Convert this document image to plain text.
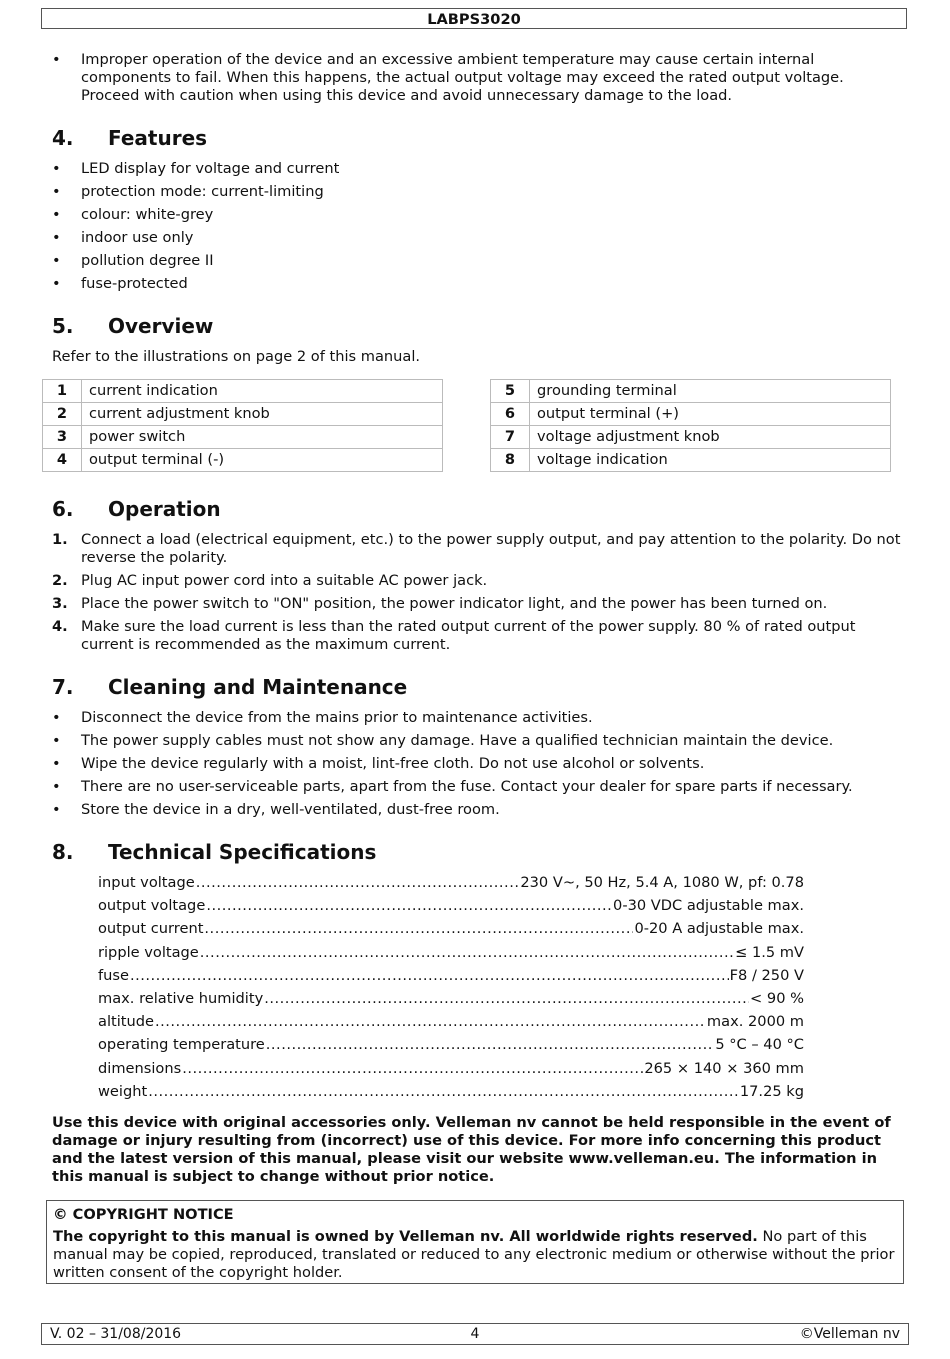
LABPS3020
• Improper operation of the device and an excessive ambient temperature may cause certain internal components to fail. When this happens, the actual output voltage may exceed the rated output voltage. Proceed with caution when using this device and avoid unnecessary damage to the load.
4. Features
• LED display for voltage and current
• protection mode: current-limiting
• colour: white-grey
• indoor use only
• pollution degree II
• fuse-protected
5. Overview

Refer to the illustrations on page 2 of this manual.

1	current indication
2	current adjustment knob
3	power switch
4	output terminal (-)
5	grounding terminal
6	output terminal (+)
7	voltage adjustment knob
8	voltage indication
6. Operation
1. Connect a load (electrical equipment, etc.) to the power supply output, and pay attention to the polarity. Do not reverse the polarity.
2. Plug AC input power cord into a suitable AC power jack.
3. Place the power switch to "ON" position, the power indicator light, and the power has been turned on.
4. Make sure the load current is less than the rated output current of the power supply. 80 % of rated output current is recommended as the maximum current.
7. Cleaning and Maintenance
• Disconnect the device from the mains prior to maintenance activities.
• The power supply cables must not show any damage. Have a qualified technician maintain the device.
• Wipe the device regularly with a moist, lint-free cloth. Do not use alcohol or solvents.
• There are no user-serviceable parts, apart from the fuse. Contact your dealer for spare parts if necessary.
• Store the device in a dry, well-ventilated, dust-free room.
8. Technical Specifications
input voltage .....	230 V~, 50 Hz, 5.4 A, 1080 W, pf: 0.78
output voltage .....	0-30 VDC adjustable max.
output current .....	0-20 A adjustable max.
ripple voltage .....	≤ 1.5 mV
fuse .....	F8 / 250 V
max. relative humidity .....	< 90 %
altitude .....	max. 2000 m
operating temperature .....	5 °C – 40 °C
dimensions .....	265 × 140 × 360 mm
weight .....	17.25 kg

Use this device with original accessories only. Velleman nv cannot be held responsible in the event of damage or injury resulting from (incorrect) use of this device. For more info concerning this product and the latest version of this manual, please visit our website www.velleman.eu. The information in this manual is subject to change without prior notice.

© COPYRIGHT NOTICE

The copyright to this manual is owned by Velleman nv. All worldwide rights reserved. No part of this manual may be copied, reproduced, translated or reduced to any electronic medium or otherwise without the prior written consent of the copyright holder.

V. 02 – 31/08/2016	4	©Velleman nv
